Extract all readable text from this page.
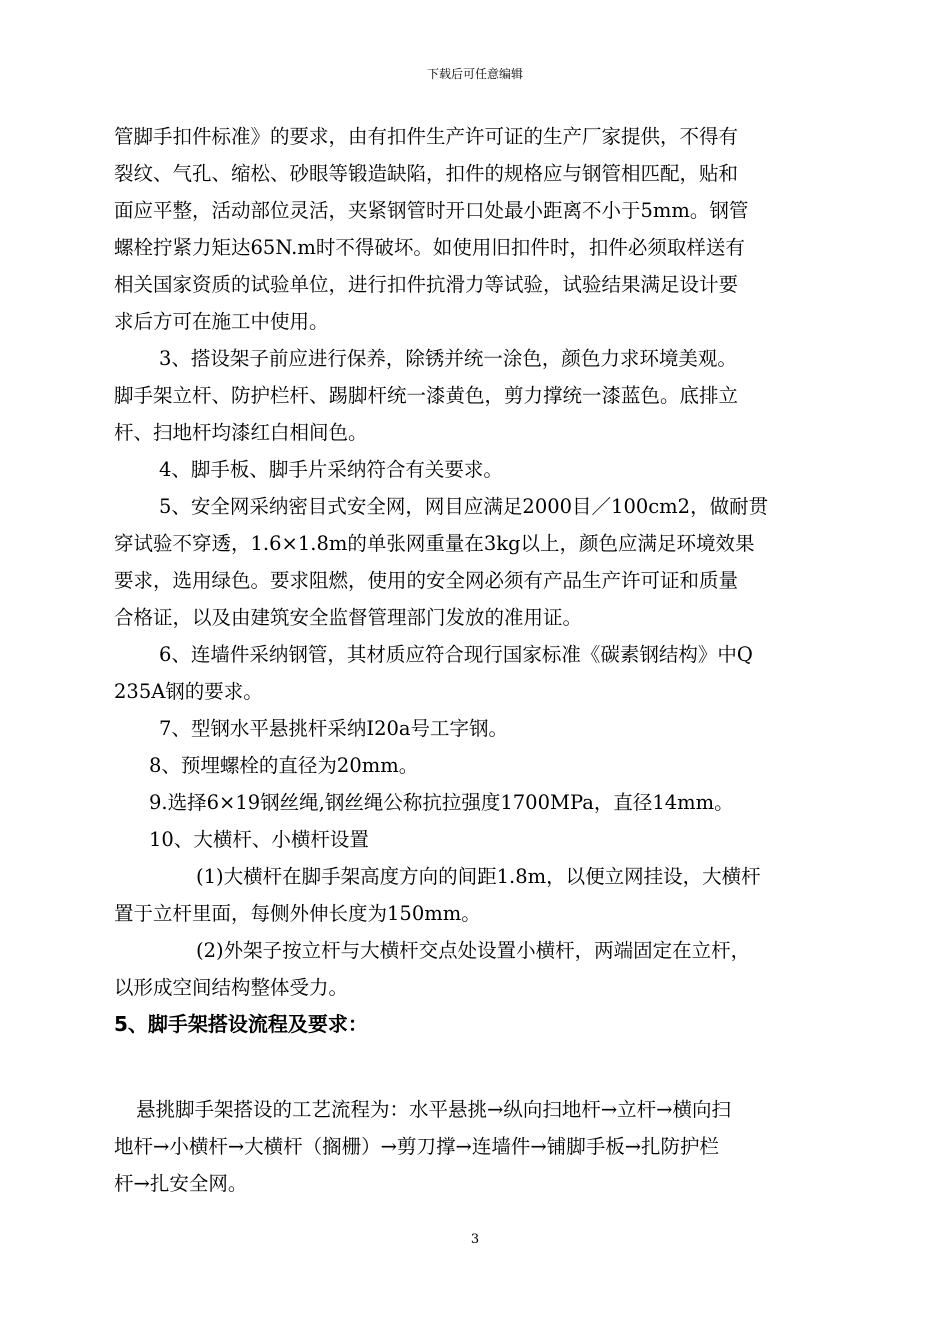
下载后可任意编辑
管脚手扣件标准》的要求，由有扣件生产许可证的生产厂家提供，不得有
裂纹、气孔、缩松、砂眼等锻造缺陷，扣件的规格应与钢管相匹配，贴和
面应平整，活动部位灵活，夹紧钢管时开口处最小距离不小于5mm。钢管
螺栓拧紧力矩达65N.m时不得破坏。如使用旧扣件时，扣件必须取样送有
相关国家资质的试验单位，进行扣件抗滑力等试验，试验结果满足设计要
求后方可在施工中使用。
3、搭设架子前应进行保养，除锈并统一涂色，颜色力求环境美观。
脚手架立杆、防护栏杆、踢脚杆统一漆黄色，剪力撑统一漆蓝色。底排立
杆、扫地杆均漆红白相间色。
4、脚手板、脚手片采纳符合有关要求。
5、安全网采纳密目式安全网，网目应满足2000目／100cm2，做耐贯
穿试验不穿透，1.6×1.8m的单张网重量在3kg以上，颜色应满足环境效果
要求，选用绿色。要求阻燃，使用的安全网必须有产品生产许可证和质量
合格证，以及由建筑安全监督管理部门发放的准用证。
6、连墙件采纳钢管，其材质应符合现行国家标准《碳素钢结构》中Q
235A钢的要求。
7、型钢水平悬挑杆采纳I20a号工字钢。
8、预埋螺栓的直径为20mm。
9.选择6×19钢丝绳,钢丝绳公称抗拉强度1700MPa，直径14mm。
10、大横杆、小横杆设置
(1)大横杆在脚手架高度方向的间距1.8m，以便立网挂设，大横杆
置于立杆里面，每侧外伸长度为150mm。
(2)外架子按立杆与大横杆交点处设置小横杆，两端固定在立杆，
以形成空间结构整体受力。
5、脚手架搭设流程及要求：
悬挑脚手架搭设的工艺流程为：水平悬挑→纵向扫地杆→立杆→横向扫
地杆→小横杆→大横杆（搁栅）→剪刀撑→连墙件→铺脚手板→扎防护栏
杆→扎安全网。
3
